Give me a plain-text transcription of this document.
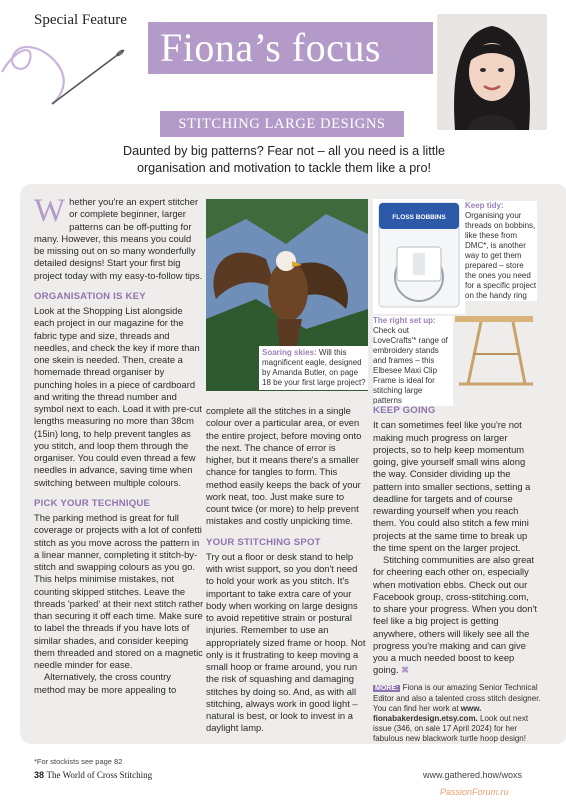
Special Feature
Fiona’s focus
STITCHING LARGE DESIGNS
Daunted by big patterns? Fear not – all you need is a little organisation and motivation to tackle them like a pro!

Whether you're an expert stitcher or complete beginner, larger patterns can be off-putting for many. However, this means you could be missing out on so many wonderfully detailed designs! Start your first big project today with my easy-to-follow tips.

ORGANISATION IS KEY

Look at the Shopping List alongside each project in our magazine for the fabric type and size, threads and needles, and check the key if more than one skein is needed. Then, create a homemade thread organiser by punching holes in a piece of cardboard and writing the thread number and symbol next to each. Load it with pre-cut lengths measuring no more than 38cm (15in) long, to help prevent tangles as you stitch, and loop them through the organiser. You could even thread a few needles in advance, saving time when switching between multiple colours.

PICK YOUR TECHNIQUE

The parking method is great for full coverage or projects with a lot of confetti stitch as you move across the pattern in a linear manner, completing it stitch-by-stitch and swapping colours as you go. This helps minimise mistakes, not counting skipped stitches. Leave the threads 'parked' at their next stitch rather than securing it off each time. Make sure to label the threads if you have lots of similar shades, and consider keeping them threaded and stored on a magnetic needle minder for ease.

Alternatively, the cross country method may be more appealing to

Soaring skies: Will this magnificent eagle, designed by Amanda Butler, on page 18 be your first large project?
FLOSS BOBBINS
Keep tidy:
Organising your threads on bobbins, like these from DMC*, is another way to get them prepared – store the ones you need for a specific project on the handy ring
The right set up:
Check out LoveCrafts'* range of embroidery stands and frames – this Elbesee Maxi Clip Frame is ideal for stitching large patterns

complete all the stitches in a single colour over a particular area, or even the entire project, before moving onto the next. The chance of error is higher, but it means there's a smaller chance for tangles to form. This method easily keeps the back of your work neat, too. Just make sure to count twice (or more) to help prevent mistakes and costly unpicking time.

YOUR STITCHING SPOT

Try out a floor or desk stand to help with wrist support, so you don't need to hold your work as you stitch. It's important to take extra care of your body when working on large designs to avoid repetitive strain or postural injuries. Remember to use an appropriately sized frame or hoop. Not only is it frustrating to keep moving a small hoop or frame around, you run the risk of squashing and damaging stitches by doing so. And, as with all stitching, always work in good light – natural is best, or look to invest in a daylight lamp.

KEEP GOING

It can sometimes feel like you're not making much progress on larger projects, so to help keep momentum going, give yourself small wins along the way. Consider dividing up the pattern into smaller sections, setting a deadline for targets and of course rewarding yourself when you reach them. You could also stitch a few mini projects at the same time to break up the time spent on the larger project.

Stitching communities are also great for cheering each other on, especially when motivation ebbs. Check out our Facebook group, cross-stitching.com, to share your progress. When you don't feel like a big project is getting anywhere, others will likely see all the progress you're making and can give you a much needed boost to keep going. ✖

MORE: Fiona is our amazing Senior Technical Editor and also a talented cross stitch designer. You can find her work at www. fionabakerdesign.etsy.com. Look out next issue (346, on sale 17 April 2024) for her fabulous new blackwork turtle hoop design!
*For stockists see page 82
38 The World of Cross Stitching	www.gathered.how/woxs
PassionForum.ru
